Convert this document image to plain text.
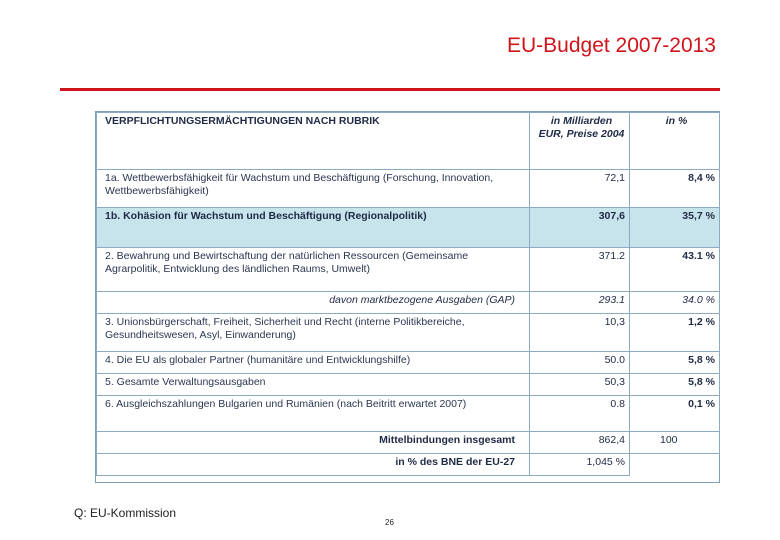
EU-Budget 2007-2013
VERPFLICHTUNGSERMÄCHTIGUNGEN NACH RUBRIK	in Milliarden EUR, Preise 2004	in %
1a. Wettbewerbsfähigkeit für Wachstum und Beschäftigung (Forschung, Innovation, Wettbewerbsfähigkeit)	72,1	8,4 %
1b. Kohäsion für Wachstum und Beschäftigung (Regionalpolitik)	307,6	35,7 %
2. Bewahrung und Bewirtschaftung der natürlichen Ressourcen (Gemeinsame Agrarpolitik, Entwicklung des ländlichen Raums, Umwelt)	371.2	43.1 %
davon marktbezogene Ausgaben (GAP)	293.1	34.0 %
3. Unionsbürgerschaft, Freiheit, Sicherheit und Recht (interne Politikbereiche, Gesundheitswesen, Asyl, Einwanderung)	10,3	1,2 %
4. Die EU als globaler Partner (humanitäre und Entwicklungshilfe)	50.0	5,8 %
5. Gesamte Verwaltungsausgaben	50,3	5,8 %
6. Ausgleichszahlungen Bulgarien und Rumänien (nach Beitritt erwartet 2007)	0.8	0,1 %
Mittelbindungen insgesamt	862,4	100
in % des BNE der EU-27	1,045 %	
Q: EU-Kommission
26
